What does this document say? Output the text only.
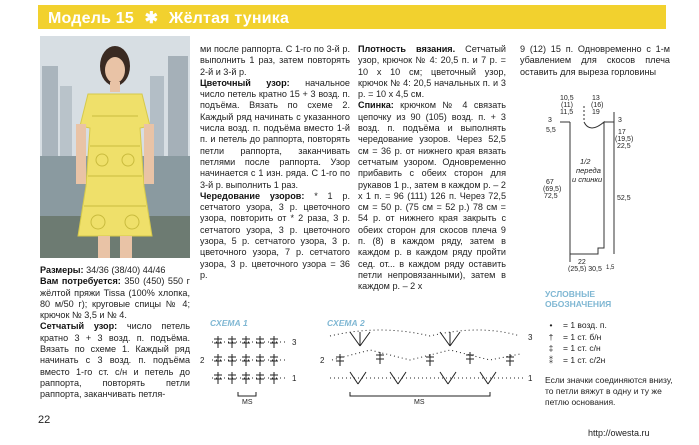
Модель 15 ✱ Жёлтая туника

Размеры: 34/36 (38/40) 44/46

Вам потребуется: 350 (450) 550 г жёлтой пряжи Tissa (100% хлопка, 80 м/50 г); круговые спицы № 4; крючок № 3,5 и № 4.

Сетчатый узор: число петель кратно 3 + 3 возд. п. подъёма. Вязать по схеме 1. Каждый ряд начинать с 3 возд. п. подъёма вместо 1-го ст. с/н и петель до раппорта, повторять петли раппорта, заканчивать петля-

ми после раппорта. С 1-го по 3-й р. выполнить 1 раз, затем повторять 2-й и 3-й р.

Цветочный узор: начальное число петель кратно 15 + 3 возд. п. подъёма. Вязать по схеме 2. Каждый ряд начинать с указанного числа возд. п. подъёма вместо 1-й п. и петель до раппорта, повторять петли раппорта, заканчивать петлями после раппорта. Узор начинается с 1 изн. ряда. С 1-го по 3-й р. выполнить 1 раз.

Чередование узоров: * 1 р. сетчатого узора, 3 р. цветочного узора, повторить от * 2 раза, 3 р. сетчатого узора, 3 р. цветочного узора, 5 р. сетчатого узора, 3 р. цветочного узора, 7 р. сетчатого узора, 3 р. цветочного узора = 36 р.

Плотность вязания. Сетчатый узор, крючок № 4: 20,5 п. и 7 р. = 10 х 10 см; цветочный узор, крючок № 4: 20,5 начальных п. и 3 р. = 10 х 4,5 см.

Спинка: крючком № 4 связать цепочку из 90 (105) возд. п. + 3 возд. п. подъёма и выполнять чередование узоров. Через 52,5 см = 36 р. от нижнего края вязать сетчатым узором. Одновременно прибавить с обеих сторон для рукавов 1 р., затем в каждом р. – 2 х 1 п. = 96 (111) 126 п. Через 72,5 см = 50 р. (75 см = 52 р.) 78 см = 54 р. от нижнего края закрыть с обеих сторон для скосов плеча 9 п. (8) в каждом ряду, затем в каждом р. в каждом ряду пройти сед. от... в каждом ряду оставить петли непровязанными), затем в каждом р. – 2 х

9 (12) 15 п. Одновременно с 1-м убавлением для скосов плеча оставить для выреза горловины

10,5
(11)
11,5
13
(16)
19
3
5,5
3
17
(19,5)
22,5
67
(69,5)
72,5
1/2
переда
и спинки
52,5
22
(25,5) 30,5 1,5
СХЕМА 1
3
2
1
MS
СХЕМА 2
3
2
1
MS
УСЛОВНЫЕ
ОБОЗНАЧЕНИЯ
•	= 1 возд. п.
†	= 1 ст. б/н
‡	= 1 ст. с/н
⁑	= 1 ст. с/2н
Если значки соединяются внизу, то петли вяжут в одну и ту же петлю основания.
22
http://owesta.ru
